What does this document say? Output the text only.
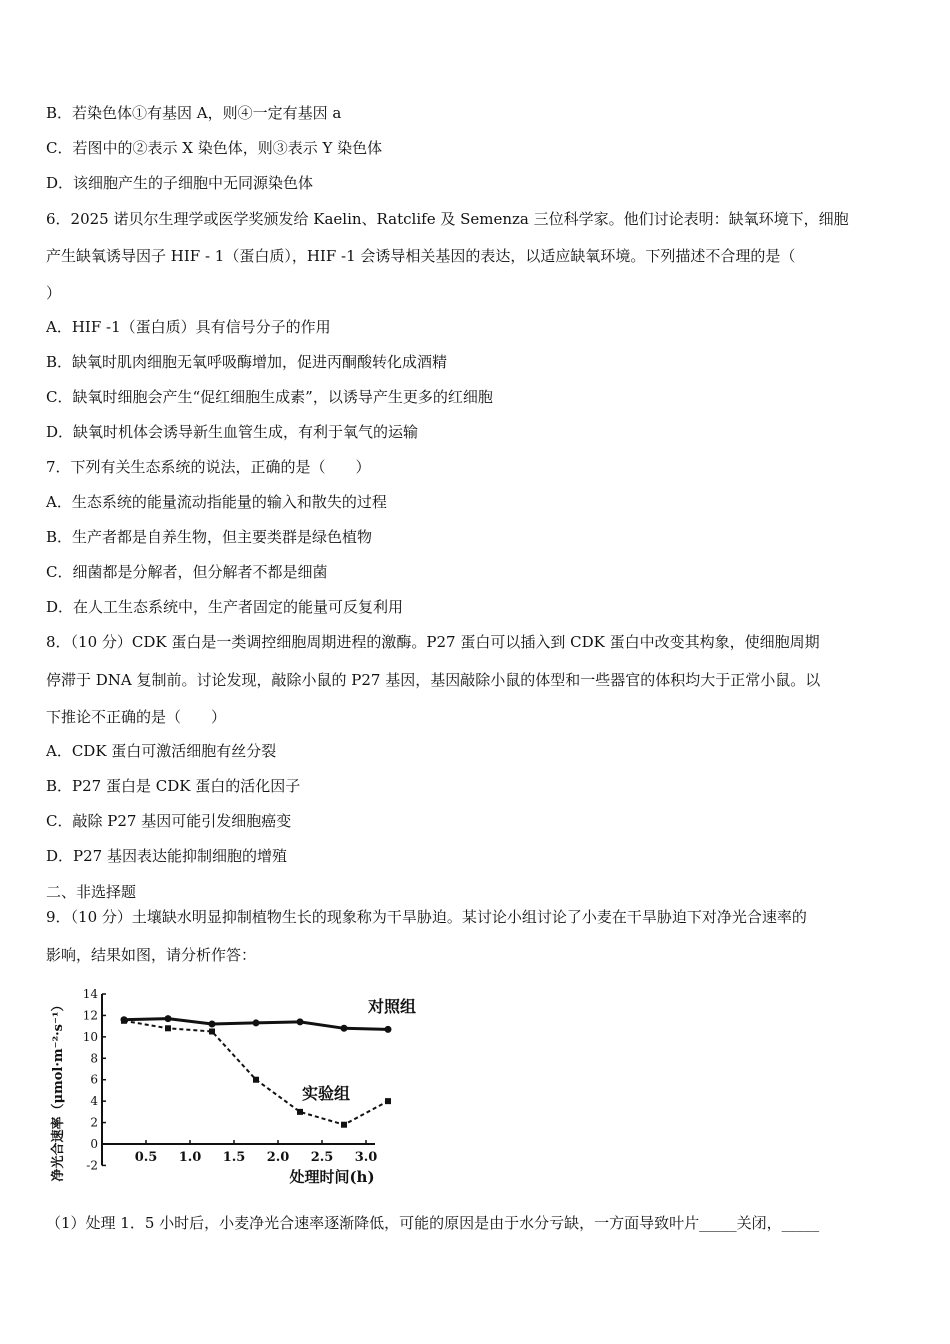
B．若染色体①有基因 A，则④一定有基因 a
C．若图中的②表示 X 染色体，则③表示 Y 染色体
D．该细胞产生的子细胞中无同源染色体
6．2025 诺贝尔生理学或医学奖颁发给 Kaelin、Ratclife 及 Semenza 三位科学家。他们讨论表明：缺氧环境下，细胞
产生缺氧诱导因子 HIF - 1（蛋白质），HIF -1 会诱导相关基因的表达，以适应缺氧环境。下列描述不合理的是（
）
A．HIF -1（蛋白质）具有信号分子的作用
B．缺氧时肌肉细胞无氧呼吸酶增加，促进丙酮酸转化成酒精
C．缺氧时细胞会产生“促红细胞生成素”，以诱导产生更多的红细胞
D．缺氧时机体会诱导新生血管生成，有利于氧气的运输
7．下列有关生态系统的说法，正确的是（　　）
A．生态系统的能量流动指能量的输入和散失的过程
B．生产者都是自养生物，但主要类群是绿色植物
C．细菌都是分解者，但分解者不都是细菌
D．在人工生态系统中，生产者固定的能量可反复利用
8．（10 分）CDK 蛋白是一类调控细胞周期进程的激酶。P27 蛋白可以插入到 CDK 蛋白中改变其构象，使细胞周期
停滞于 DNA 复制前。讨论发现，敲除小鼠的 P27 基因，基因敲除小鼠的体型和一些器官的体积均大于正常小鼠。以
下推论不正确的是（　　）
A．CDK 蛋白可激活细胞有丝分裂
B．P27 蛋白是 CDK 蛋白的活化因子
C．敲除 P27 基因可能引发细胞癌变
D．P27 基因表达能抑制细胞的增殖
二、非选择题
9．（10 分）土壤缺水明显抑制植物生长的现象称为干旱胁迫。某讨论小组讨论了小麦在干旱胁迫下对净光合速率的
影响，结果如图，请分析作答：
（1）处理 1．5 小时后，小麦净光合速率逐渐降低，可能的原因是由于水分亏缺，一方面导致叶片_____关闭，_____
-2
0
2
4
6
8
10
12
14
0.5 1.0 1.5 2.0 2.5 3.0
对照组
实验组
净光合速率（μmol·m⁻²·s⁻¹）	处理时间(h)
